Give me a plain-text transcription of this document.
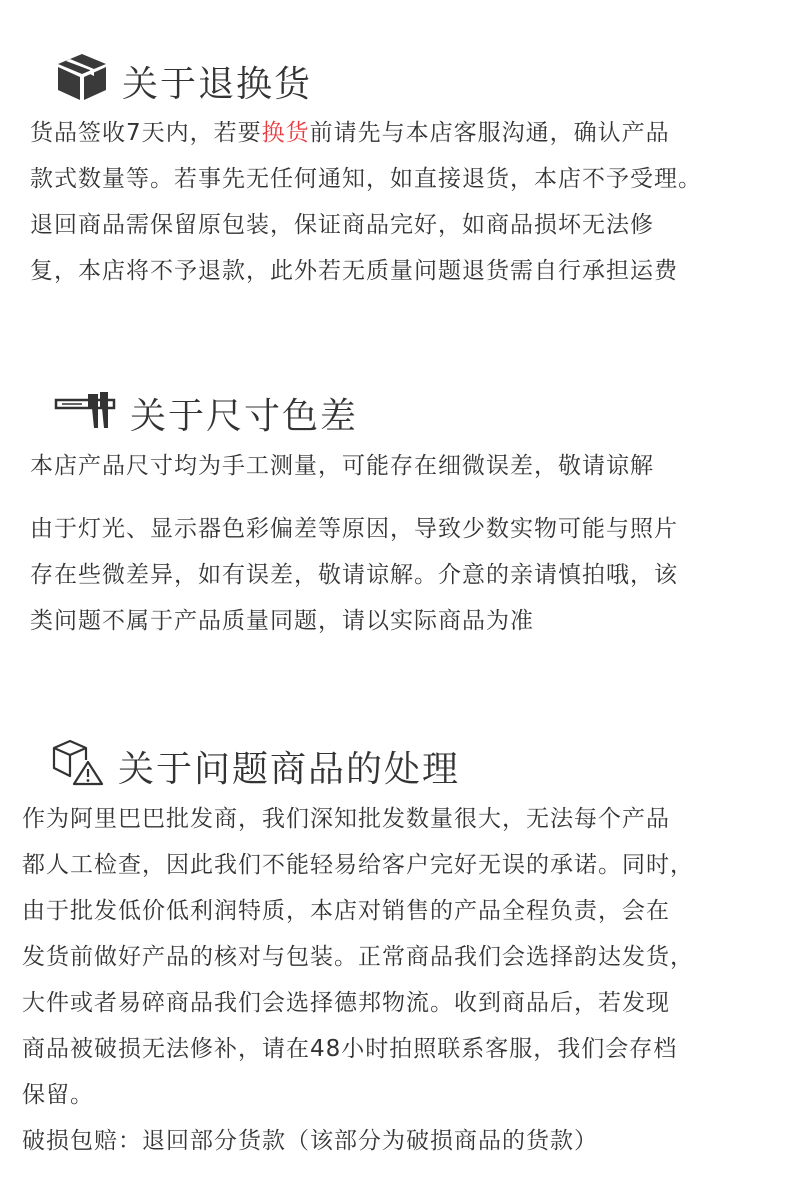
关于退换货
货品签收7天内，若要换货前请先与本店客服沟通，确认产品
款式数量等。若事先无任何通知，如直接退货，本店不予受理。
退回商品需保留原包装，保证商品完好，如商品损坏无法修
复，本店将不予退款，此外若无质量问题退货需自行承担运费
关于尺寸色差
本店产品尺寸均为手工测量，可能存在细微误差，敬请谅解
由于灯光、显示器色彩偏差等原因，导致少数实物可能与照片
存在些微差异，如有误差，敬请谅解。介意的亲请慎拍哦，该
类问题不属于产品质量同题，请以实际商品为准
关于问题商品的处理
作为阿里巴巴批发商，我们深知批发数量很大，无法每个产品
都人工检查，因此我们不能轻易给客户完好无误的承诺。同时，
由于批发低价低利润特质，本店对销售的产品全程负责，会在
发货前做好产品的核对与包装。正常商品我们会选择韵达发货，
大件或者易碎商品我们会选择德邦物流。收到商品后，若发现
商品被破损无法修补，请在48小时拍照联系客服，我们会存档
保留。
破损包赔：退回部分货款（该部分为破损商品的货款）
